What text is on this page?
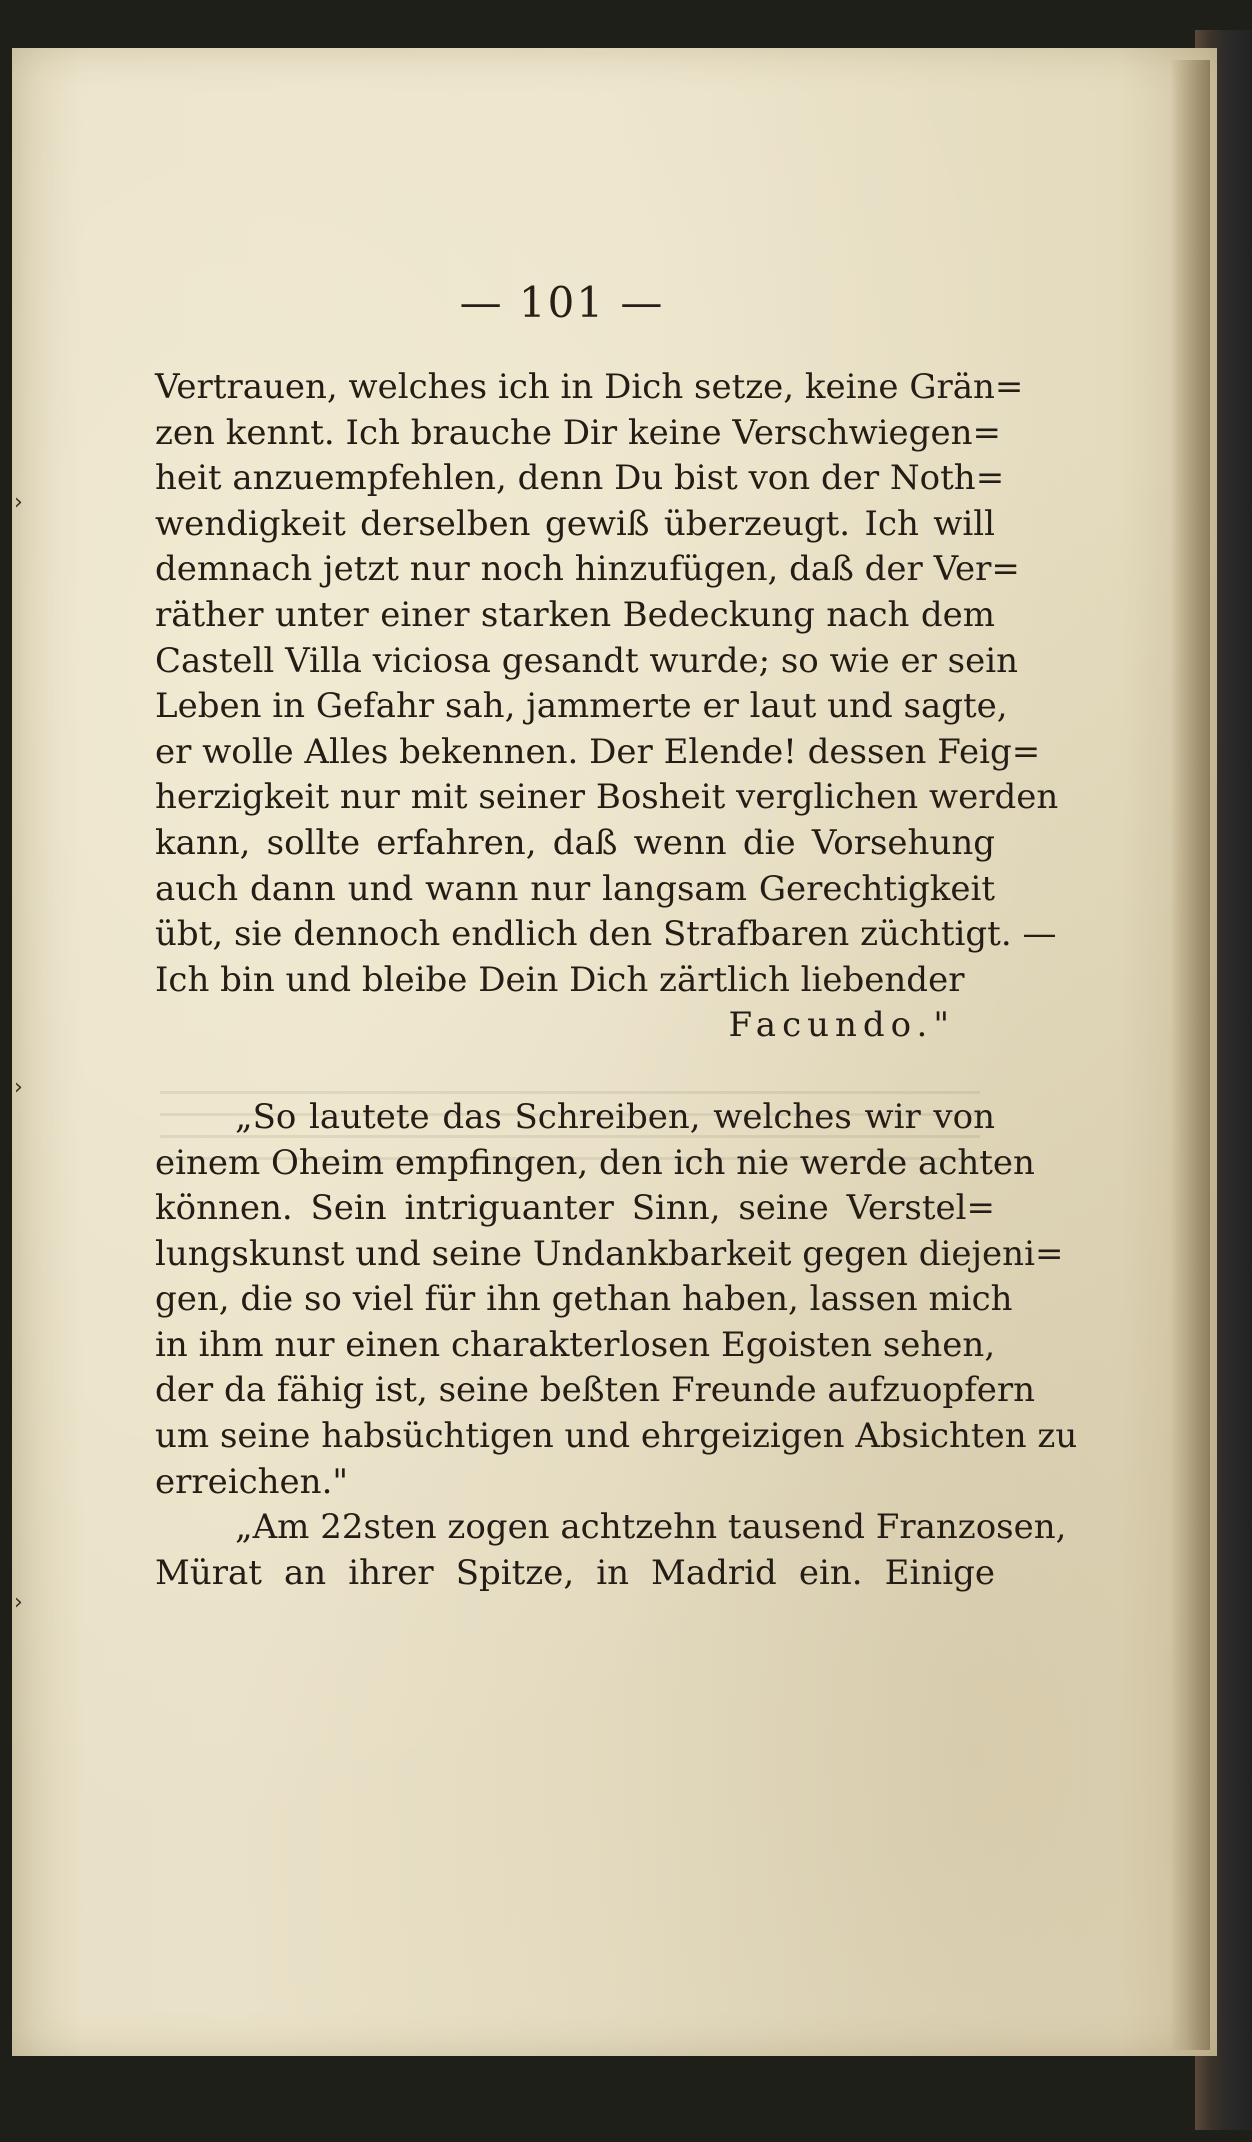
›
›
›
— 101 —
Vertrauen, welches ich in Dich setze, keine Grän=
zen kennt. Ich brauche Dir keine Verschwiegen=
heit anzuempfehlen, denn Du bist von der Noth=
wendigkeit derselben gewiß überzeugt. Ich will
demnach jetzt nur noch hinzufügen, daß der Ver=
räther unter einer starken Bedeckung nach dem
Castell Villa viciosa gesandt wurde; so wie er sein
Leben in Gefahr sah, jammerte er laut und sagte,
er wolle Alles bekennen. Der Elende! dessen Feig=
herzigkeit nur mit seiner Bosheit verglichen werden
kann, sollte erfahren, daß wenn die Vorsehung
auch dann und wann nur langsam Gerechtigkeit
übt, sie dennoch endlich den Strafbaren züchtigt. —
Ich bin und bleibe Dein Dich zärtlich liebender
Facundo."
„So lautete das Schreiben, welches wir von
einem Oheim empfingen, den ich nie werde achten
können. Sein intriguanter Sinn, seine Verstel=
lungskunst und seine Undankbarkeit gegen diejeni=
gen, die so viel für ihn gethan haben, lassen mich
in ihm nur einen charakterlosen Egoisten sehen,
der da fähig ist, seine beßten Freunde aufzuopfern
um seine habsüchtigen und ehrgeizigen Absichten zu
erreichen."
„Am 22sten zogen achtzehn tausend Franzosen,
Mürat an ihrer Spitze, in Madrid ein. Einige
